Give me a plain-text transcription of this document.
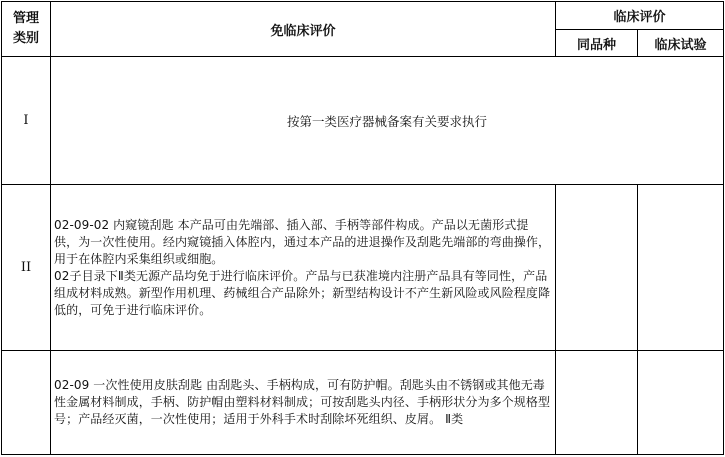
管理
类别	免临床评价	临床评价	
		同品种	临床试验
I	按第一类医疗器械备案有关要求执行		
II	02-09-02 内窥镜刮匙 本产品可由先端部、插入部、手柄等部件构成。产品以无菌形式提供，为一次性使用。经内窥镜插入体腔内，通过本产品的进退操作及刮匙先端部的弯曲操作，用于在体腔内采集组织或细胞。
02子目录下Ⅱ类无源产品均免于进行临床评价。产品与已获准境内注册产品具有等同性，产品组成材料成熟。新型作用机理、药械组合产品除外；新型结构设计不产生新风险或风险程度降低的，可免于进行临床评价。		

	02-09 一次性使用皮肤刮匙 由刮匙头、手柄构成，可有防护帽。刮匙头由不锈钢或其他无毒性金属材料制成，手柄、防护帽由塑料材料制成；可按刮匙头内径、手柄形状分为多个规格型号；产品经灭菌，一次性使用；适用于外科手术时刮除坏死组织、皮屑。 Ⅱ类		
